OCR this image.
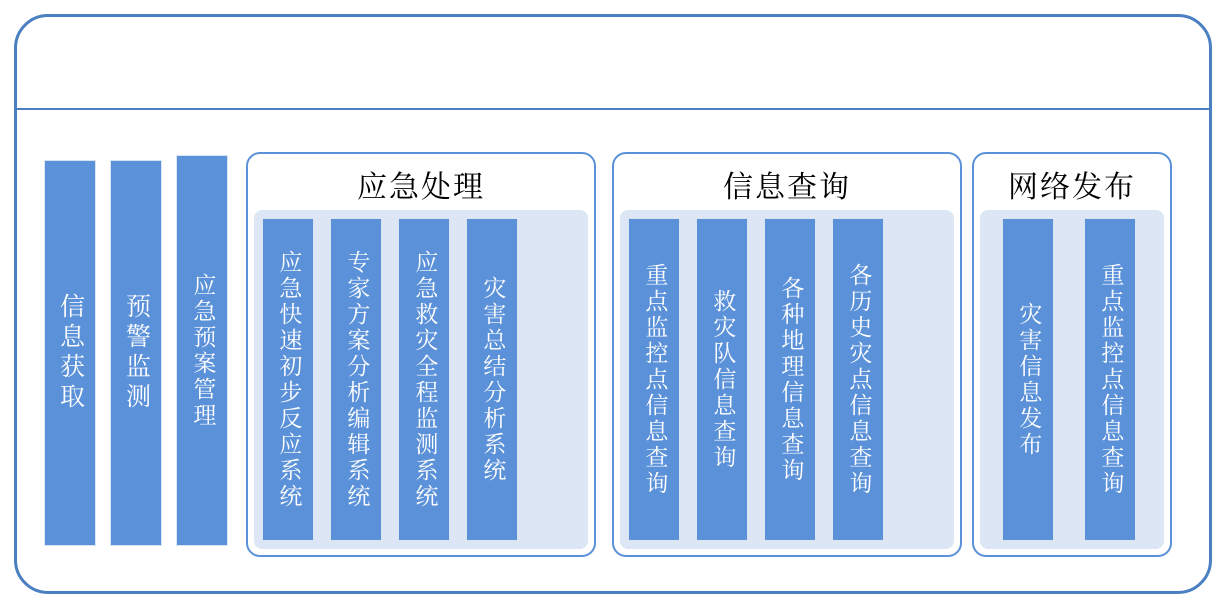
信息获取 预警监测 应急预案管理
应急处理
应急快速初步反应系统 专家方案分析编辑系统 应急救灾全程监测系统 灾害总结分析系统
信息查询
重点监控点信息查询 救灾队信息查询 各种地理信息查询 各历史灾点信息查询
网络发布
灾害信息发布 重点监控点信息查询
